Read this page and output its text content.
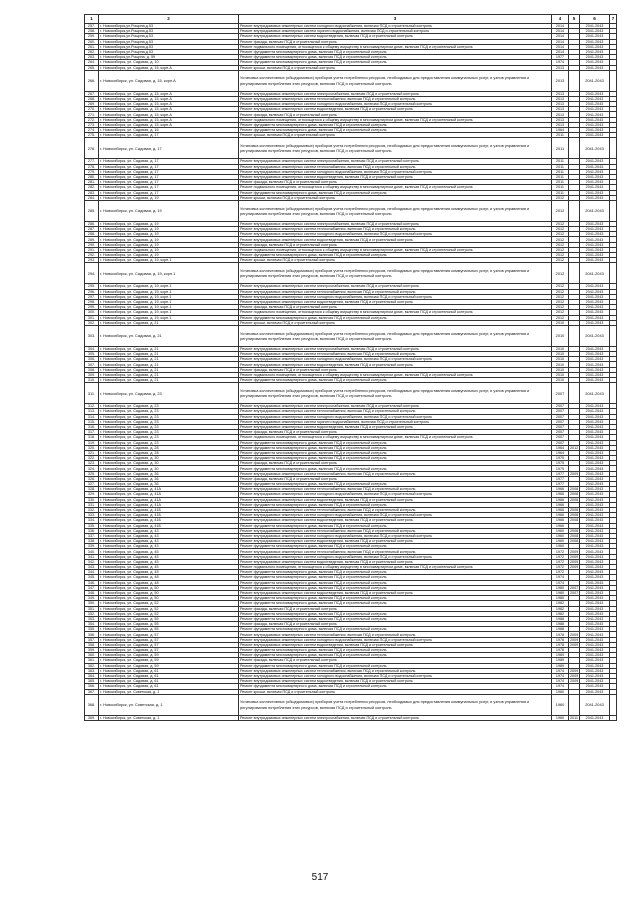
1	2	3	4	5	6	7
257.	г. Новосибирск,ул.Рощина,д.53	Ремонт внутридомовых инженерных систем холодного водоснабжения, включая ПСД и строительный контроль	2014		2041-2043	
258.	г. Новосибирск,ул.Рощина,д.53	Ремонт внутридомовых инженерных систем горячего водоснабжения, включая ПСД и строительный контроль	2014		2041-2043	
259.	г. Новосибирск,ул.Рощина,д.53	Ремонт внутридомовых инженерных систем водоотведения, включая ПСД и строительный контроль	2014		2041-2043	
260.	г. Новосибирск,ул.Рощина,д.53	Ремонт фасада, включая ПСД и строительный контроль	2014		2041-2043	
261.	г. Новосибирск,ул.Рощина,д.53	Ремонт подвального помещения, относящегося к общему имуществу в многоквартирном доме, включая ПСД и строительный контроль	2014		2041-2043	
262.	г. Новосибирск,ул.Рощина,д.53	Ремонт фундамента многоквартирного дома, включая ПСД и строительный контроль	2014		2041-2043	
263.	г. Новосибирск,ул.Рощина, д. 59	Ремонт фундамента многоквартирного дома, включая ПСД и строительный контроль	1977		2041-2043	
264.	г. Новосибирск, ул. Садовая, д. 10	Ремонт фундамента многоквартирного дома, включая ПСД и строительный контроль	1974		2041-2043	
265.	г. Новосибирск, ул. Садовая, д. 15, корп.А	Ремонт крыши, включая ПСД и строительный контроль	2013		2041-2043	
266.	г. Новосибирск, ул. Садовая, д. 15, корп.А	Установка коллективных (общедомовых) приборов учета потребления ресурсов, необходимых для предоставления коммунальных услуг, и узлов управления и регулирования потребления этих ресурсов, включая ПСД и строительный контроль	2013		2041-2043	
267.	г. Новосибирск, ул. Садовая, д. 15, корп.А	Ремонт внутридомовых инженерных систем электроснабжения, включая ПСД и строительный контроль	2013		2041-2043	
268.	г. Новосибирск, ул. Садовая, д. 15, корп.А	Ремонт внутридомовых инженерных систем теплоснабжения, включая ПСД и строительный контроль	2013		2041-2043	
269.	г. Новосибирск, ул. Садовая, д. 15, корп.А	Ремонт внутридомовых инженерных систем холодного водоснабжения, включая ПСД и строительный контроль	2013		2041-2043	
270.	г. Новосибирск, ул. Садовая, д. 15, корп.А	Ремонт внутридомовых инженерных систем водоотведения, включая ПСД и строительный контроль	2013		2041-2043	
271.	г. Новосибирск, ул. Садовая, д. 15, корп.А	Ремонт фасада, включая ПСД и строительный контроль	2013		2041-2043	
272.	г. Новосибирск, ул. Садовая, д. 15, корп.А	Ремонт подвального помещения, относящегося к общему имуществу в многоквартирном доме, включая ПСД и строительный контроль	2013		2041-2043	
273.	г. Новосибирск, ул. Садовая, д. 15, корп.А	Ремонт фундамента многоквартирного дома, включая ПСД и строительный контроль	2013		2041-2043	
274.	г. Новосибирск, ул. Садовая, д. 16	Ремонт фундамента многоквартирного дома, включая ПСД и строительный контроль	1964		2041-2043	
275.	г. Новосибирск, ул. Садовая, д. 17	Ремонт крыши, включая ПСД и строительный контроль	2011		2041-2043	
276.	г. Новосибирск, ул. Садовая, д. 17	Установка коллективных (общедомовых) приборов учета потребления ресурсов, необходимых для предоставления коммунальных услуг, и узлов управления и регулирования потребления этих ресурсов, включая ПСД и строительный контроль	2011		2041-2043	
277.	г. Новосибирск, ул. Садовая, д. 17	Ремонт внутридомовых инженерных систем электроснабжения, включая ПСД и строительный контроль	2011		2041-2043	
278.	г. Новосибирск, ул. Садовая, д. 17	Ремонт внутридомовых инженерных систем теплоснабжения, включая ПСД и строительный контроль	2011		2041-2043	
279.	г. Новосибирск, ул. Садовая, д. 17	Ремонт внутридомовых инженерных систем холодного водоснабжения, включая ПСД и строительный контроль	2011		2041-2043	
280.	г. Новосибирск, ул. Садовая, д. 17	Ремонт внутридомовых инженерных систем водоотведения, включая ПСД и строительный контроль	2011		2041-2043	
281.	г. Новосибирск, ул. Садовая, д. 17	Ремонт фасада, включая ПСД и строительный контроль	2011		2041-2043	
282.	г. Новосибирск, ул. Садовая, д. 17	Ремонт подвального помещения, относящегося к общему имуществу в многоквартирном доме, включая ПСД и строительный контроль	2011		2041-2043	
283.	г. Новосибирск, ул. Садовая, д. 17	Ремонт фундамента многоквартирного дома, включая ПСД и строительный контроль	2011		2041-2043	
284.	г. Новосибирск, ул. Садовая, д. 19	Ремонт крыши, включая ПСД и строительный контроль	2012		2041-2043	
285.	г. Новосибирск, ул. Садовая, д. 19	Установка коллективных (общедомовых) приборов учета потребления ресурсов, необходимых для предоставления коммунальных услуг, и узлов управления и регулирования потребления этих ресурсов, включая ПСД и строительный контроль	2012		2041-2043	
286.	г. Новосибирск, ул. Садовая, д. 19	Ремонт внутридомовых инженерных систем электроснабжения, включая ПСД и строительный контроль	2012		2041-2043	
287.	г. Новосибирск, ул. Садовая, д. 19	Ремонт внутридомовых инженерных систем теплоснабжения, включая ПСД и строительный контроль	2012		2041-2043	
288.	г. Новосибирск, ул. Садовая, д. 19	Ремонт внутридомовых инженерных систем холодного водоснабжения, включая ПСД и строительный контроль	2012		2041-2043	
289.	г. Новосибирск, ул. Садовая, д. 19	Ремонт внутридомовых инженерных систем водоотведения, включая ПСД и строительный контроль	2012		2041-2043	
290.	г. Новосибирск, ул. Садовая, д. 19	Ремонт фасада, включая ПСД и строительный контроль	2012		2041-2043	
291.	г. Новосибирск, ул. Садовая, д. 19	Ремонт подвального помещения, относящегося к общему имуществу в многоквартирном доме, включая ПСД и строительный контроль	2012		2041-2043	
292.	г. Новосибирск, ул. Садовая, д. 19	Ремонт фундамента многоквартирного дома, включая ПСД и строительный контроль	2012		2041-2043	
293.	г. Новосибирск, ул. Садовая, д. 19, корп.1	Ремонт крыши, включая ПСД и строительный контроль	2012		2041-2043	
294.	г. Новосибирск, ул. Садовая, д. 19, корп.1	Установка коллективных (общедомовых) приборов учета потребления ресурсов, необходимых для предоставления коммунальных услуг, и узлов управления и регулирования потребления этих ресурсов, включая ПСД и строительный контроль	2012		2041-2043	
295.	г. Новосибирск, ул. Садовая, д. 19, корп.1	Ремонт внутридомовых инженерных систем электроснабжения, включая ПСД и строительный контроль	2012		2041-2043	
296.	г. Новосибирск, ул. Садовая, д. 19, корп.1	Ремонт внутридомовых инженерных систем теплоснабжения, включая ПСД и строительный контроль	2012		2041-2043	
297.	г. Новосибирск, ул. Садовая, д. 19, корп.1	Ремонт внутридомовых инженерных систем холодного водоснабжения, включая ПСД и строительный контроль	2012		2041-2043	
298.	г. Новосибирск, ул. Садовая, д. 19, корп.1	Ремонт внутридомовых инженерных систем водоотведения, включая ПСД и строительный контроль	2012		2041-2043	
299.	г. Новосибирск, ул. Садовая, д. 19, корп.1	Ремонт фасада, включая ПСД и строительный контроль	2012		2041-2043	
300.	г. Новосибирск, ул. Садовая, д. 19, корп.1	Ремонт подвального помещения, относящегося к общему имуществу в многоквартирном доме, включая ПСД и строительный контроль	2012		2041-2043	
301.	г. Новосибирск, ул. Садовая, д. 19, корп.1	Ремонт фундамента многоквартирного дома, включая ПСД и строительный контроль	2012		2041-2043	
302.	г. Новосибирск, ул. Садовая, д. 21	Ремонт крыши, включая ПСД и строительный контроль	2010		2041-2043	
303.	г. Новосибирск, ул. Садовая, д. 21	Установка коллективных (общедомовых) приборов учета потребления ресурсов, необходимых для предоставления коммунальных услуг, и узлов управления и регулирования потребления этих ресурсов, включая ПСД и строительный контроль	2010		2041-2043	
304.	г. Новосибирск, ул. Садовая, д. 21	Ремонт внутридомовых инженерных систем электроснабжения, включая ПСД и строительный контроль	2010		2041-2043	
305.	г. Новосибирск, ул. Садовая, д. 21	Ремонт внутридомовых инженерных систем теплоснабжения, включая ПСД и строительный контроль	2010		2041-2043	
306.	г. Новосибирск, ул. Садовая, д. 21	Ремонт внутридомовых инженерных систем холодного водоснабжения, включая ПСД и строительный контроль	2010		2041-2043	
307.	г. Новосибирск, ул. Садовая, д. 21	Ремонт внутридомовых инженерных систем водоотведения, включая ПСД и строительный контроль	2010		2041-2043	
308.	г. Новосибирск, ул. Садовая, д. 21	Ремонт фасада, включая ПСД и строительный контроль	2010		2041-2043	
309.	г. Новосибирск, ул. Садовая, д. 21	Ремонт подвального помещения, относящегося к общему имуществу в многоквартирном доме, включая ПСД и строительный контроль	2010		2041-2043	
310.	г. Новосибирск, ул. Садовая, д. 21	Ремонт фундамента многоквартирного дома, включая ПСД и строительный контроль	2010		2041-2043	
311.	г. Новосибирск, ул. Садовая, д. 23	Установка коллективных (общедомовых) приборов учета потребления ресурсов, необходимых для предоставления коммунальных услуг, и узлов управления и регулирования потребления этих ресурсов, включая ПСД и строительный контроль	2007		2041-2043	
312.	г. Новосибирск, ул. Садовая, д. 23	Ремонт внутридомовых инженерных систем электроснабжения, включая ПСД и строительный контроль	2007		2041-2043	
313.	г. Новосибирск, ул. Садовая, д. 23	Ремонт внутридомовых инженерных систем теплоснабжения, включая ПСД и строительный контроль	2007		2041-2043	
314.	г. Новосибирск, ул. Садовая, д. 23	Ремонт внутридомовых инженерных систем холодного водоснабжения, включая ПСД и строительный контроль	2007		2041-2043	
315.	г. Новосибирск, ул. Садовая, д. 23	Ремонт внутридомовых инженерных систем горячего водоснабжения, включая ПСД и строительный контроль	2007		2041-2043	
316.	г. Новосибирск, ул. Садовая, д. 23	Ремонт внутридомовых инженерных систем водоотведения, включая ПСД и строительный контроль	2007		2041-2043	
317.	г. Новосибирск, ул. Садовая, д. 23	Ремонт фасада, включая ПСД и строительный контроль	2007		2041-2043	
318.	г. Новосибирск, ул. Садовая, д. 23	Ремонт подвального помещения, относящегося к общему имуществу в многоквартирном доме, включая ПСД и строительный контроль	2007		2041-2043	
319.	г. Новосибирск, ул. Садовая, д. 23	Ремонт фундамента многоквартирного дома, включая ПСД и строительный контроль	2007		2041-2043	
320.	г. Новосибирск, ул. Садовая, д. 28	Ремонт фундамента многоквартирного дома, включая ПСД и строительный контроль	1964	2012	2041-2043	
321.	г. Новосибирск, ул. Садовая, д. 28	Ремонт фундамента многоквартирного дома, включая ПСД и строительный контроль	1964		2041-2043	
322.	г. Новосибирск, ул. Садовая, д. 30	Ремонт фундамента многоквартирного дома, включая ПСД и строительный контроль	1975		2041-2043	
323.	г. Новосибирск, ул. Садовая, д. 30	Ремонт фасада, включая ПСД и строительный контроль	1975		2041-2043	
324.	г. Новосибирск, ул. Садовая, д. 30	Ремонт фундамента многоквартирного дома, включая ПСД и строительный контроль	1975		2041-2043	
325.	г. Новосибирск, ул. Садовая, д. 36	Ремонт внутридомовых инженерных систем теплоснабжения, включая ПСД и строительный контроль	1977	2009	2041-2043	
326.	г. Новосибирск, ул. Садовая, д. 36	Ремонт фасада, включая ПСД и строительный контроль	1977		2041-2043	
327.	г. Новосибирск, ул. Садовая, д. 36	Ремонт фундамента многоквартирного дома, включая ПСД и строительный контроль	1977		2041-2043	
328.	г. Новосибирск, ул. Садовая, д. 41А	Ремонт внутридомовых инженерных систем теплоснабжения, включая ПСД и строительный контроль	1966	2008	2041-2043	
329.	г. Новосибирск, ул. Садовая, д. 41А	Ремонт внутридомовых инженерных систем холодного водоснабжения, включая ПСД и строительный контроль	1966	2008	2041-2043	
330.	г. Новосибирск, ул. Садовая, д. 41А	Ремонт внутридомовых инженерных систем водоотведения, включая ПСД и строительный контроль	1966	2008	2041-2043	
331.	г. Новосибирск, ул. Садовая, д. 41А	Ремонт фундамента многоквартирного дома, включая ПСД и строительный контроль	1966		2041-2043	
332.	г. Новосибирск, ул. Садовая, д. 41Б	Ремонт внутридомовых инженерных систем теплоснабжения, включая ПСД и строительный контроль	1966	2008	2041-2043	
333.	г. Новосибирск, ул. Садовая, д. 41Б	Ремонт внутридомовых инженерных систем холодного водоснабжения, включая ПСД и строительный контроль	1966	2008	2041-2043	
334.	г. Новосибирск, ул. Садовая, д. 41Б	Ремонт внутридомовых инженерных систем водоотведения, включая ПСД и строительный контроль	1966	2008	2041-2043	
335.	г. Новосибирск, ул. Садовая, д. 41Б	Ремонт фундамента многоквартирного дома, включая ПСД и строительный контроль	1966		2041-2043	
336.	г. Новосибирск, ул. Садовая, д. 43	Ремонт внутридомовых инженерных систем теплоснабжения, включая ПСД и строительный контроль	1960	2008	2041-2043	
337.	г. Новосибирск, ул. Садовая, д. 43	Ремонт внутридомовых инженерных систем холодного водоснабжения, включая ПСД и строительный контроль	1960	2008	2041-2043	
338.	г. Новосибирск, ул. Садовая, д. 43	Ремонт внутридомовых инженерных систем водоотведения, включая ПСД и строительный контроль	1960	2008	2041-2043	
339.	г. Новосибирск, ул. Садовая, д. 43	Ремонт фундамента многоквартирного дома, включая ПСД и строительный контроль	1960		2041-2043	
340.	г. Новосибирск, ул. Садовая, д. 45	Ремонт внутридомовых инженерных систем теплоснабжения, включая ПСД и строительный контроль	1972	2009	2041-2043	
341.	г. Новосибирск, ул. Садовая, д. 45	Ремонт внутридомовых инженерных систем холодного водоснабжения, включая ПСД и строительный контроль	1972	2009	2041-2043	
342.	г. Новосибирск, ул. Садовая, д. 45	Ремонт внутридомовых инженерных систем водоотведения, включая ПСД и строительный контроль	1972	2009	2041-2043	
343.	г. Новосибирск, ул. Садовая, д. 45	Ремонт подвального помещения, относящегося к общему имуществу в многоквартирном доме, включая ПСД и строительный контроль	1972	2009	2041-2043	
344.	г. Новосибирск, ул. Садовая, д. 45	Ремонт фундамента многоквартирного дома, включая ПСД и строительный контроль	1972		2041-2043	
345.	г. Новосибирск, ул. Садовая, д. 48	Ремонт фундамента многоквартирного дома, включая ПСД и строительный контроль	1974		2041-2043	
346.	г. Новосибирск, ул. Садовая, д. 48	Ремонт фундамента многоквартирного дома, включая ПСД и строительный контроль	1974		2041-2043	
347.	г. Новосибирск, ул. Садовая, д. 50	Ремонт фундамента многоквартирного дома, включая ПСД и строительный контроль	1980	2007	2041-2043	
348.	г. Новосибирск, ул. Садовая, д. 50	Ремонт внутридомовых инженерных систем водоотведения, включая ПСД и строительный контроль	1980	2007	2041-2043	
349.	г. Новосибирск, ул. Садовая, д. 50	Ремонт фундамента многоквартирного дома, включая ПСД и строительный контроль	1980		2041-2043	
350.	г. Новосибирск, ул. Садовая, д. 52	Ремонт фундамента многоквартирного дома, включая ПСД и строительный контроль	1982		2041-2043	
351.	г. Новосибирск, ул. Садовая, д. 52	Ремонт фасада, включая ПСД и строительный контроль	1982		2041-2043	
352.	г. Новосибирск, ул. Садовая, д. 52	Ремонт фундамента многоквартирного дома, включая ПСД и строительный контроль	1982		2041-2043	
353.	г. Новосибирск, ул. Садовая, д. 55	Ремонт фундамента многоквартирного дома, включая ПСД и строительный контроль	1988		2041-2043	
354.	г. Новосибирск, ул. Садовая, д. 55	Ремонт фасада, включая ПСД и строительный контроль	1988		2041-2043	
355.	г. Новосибирск, ул. Садовая, д. 55	Ремонт фундамента многоквартирного дома, включая ПСД и строительный контроль	1988		2041-2043	
356.	г. Новосибирск, ул. Садовая, д. 57	Ремонт внутридомовых инженерных систем теплоснабжения, включая ПСД и строительный контроль	1978	2009	2041-2043	
357.	г. Новосибирск, ул. Садовая, д. 57	Ремонт внутридомовых инженерных систем холодного водоснабжения, включая ПСД и строительный контроль	1978	2009	2041-2043	
358.	г. Новосибирск, ул. Садовая, д. 57	Ремонт внутридомовых инженерных систем водоотведения, включая ПСД и строительный контроль	1978	2009	2041-2043	
359.	г. Новосибирск, ул. Садовая, д. 57	Ремонт фундамента многоквартирного дома, включая ПСД и строительный контроль	1978		2041-2043	
360.	г. Новосибирск, ул. Садовая, д. 59	Ремонт фундамента многоквартирного дома, включая ПСД и строительный контроль	1989		2041-2043	
361.	г. Новосибирск, ул. Садовая, д. 59	Ремонт фасада, включая ПСД и строительный контроль	1989		2041-2043	
362.	г. Новосибирск, ул. Садовая, д. 59	Ремонт фундамента многоквартирного дома, включая ПСД и строительный контроль	1989		2041-2043	
363.	г. Новосибирск, ул. Садовая, д. 61	Ремонт внутридомовых инженерных систем теплоснабжения, включая ПСД и строительный контроль	1974	2009	2041-2043	
364.	г. Новосибирск, ул. Садовая, д. 61	Ремонт внутридомовых инженерных систем холодного водоснабжения, включая ПСД и строительный контроль	1974	2009	2041-2043	
365.	г. Новосибирск, ул. Садовая, д. 61	Ремонт внутридомовых инженерных систем водоотведения, включая ПСД и строительный контроль	1974	2009	2041-2043	
366.	г. Новосибирск, ул. Садовая, д. 61	Ремонт фундамента многоквартирного дома, включая ПСД и строительный контроль	1974		2041-2043	
367.	г. Новосибирск, ул. Советская, д. 1	Ремонт крыши, включая ПСД и строительный контроль	1960		2041-2043	
368.	г. Новосибирск, ул. Советская, д. 1	Установка коллективных (общедомовых) приборов учета потребления ресурсов, необходимых для предоставления коммунальных услуг, и узлов управления и регулирования потребления этих ресурсов, включая ПСД и строительный контроль	1960		2041-2043	
369.	г. Новосибирск, ул. Советская, д. 1	Ремонт внутридомовых инженерных систем электроснабжения, включая ПСД и строительный контроль	1960	2011	2041-2043	
517
